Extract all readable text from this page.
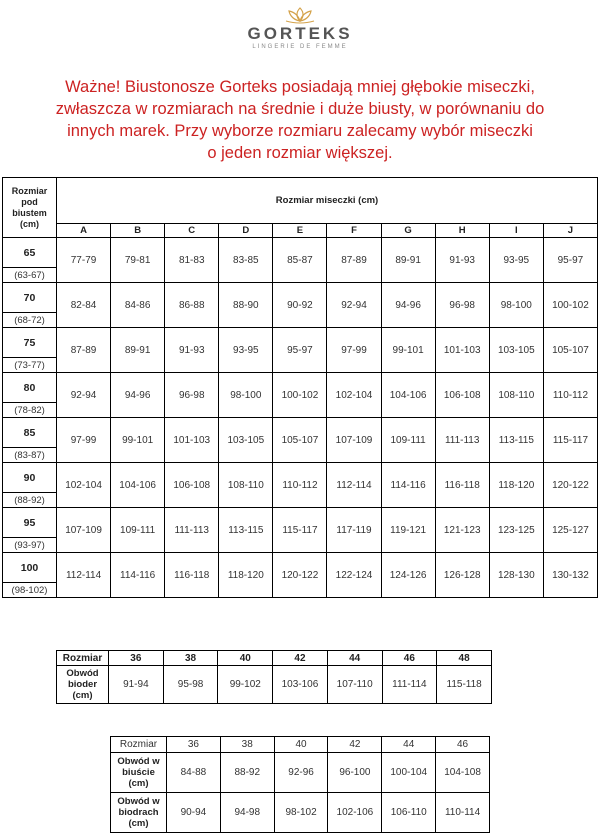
GORTEKS
LINGERIE DE FEMME
Ważne! Biustonosze Gorteks posiadają mniej głębokie miseczki,
zwłaszcza w rozmiarach na średnie i duże biusty, w porównaniu do
innych marek. Przy wyborze rozmiaru zalecamy wybór miseczki
o jeden rozmiar większej.
Rozmiar
pod
biustem
(cm)	Rozmiar miseczki (cm)									
	A	B	C	D	E	F	G	H	I	J
65	77-79	79-81	81-83	83-85	85-87	87-89	89-91	91-93	93-95	95-97
(63-67)										
70	82-84	84-86	86-88	88-90	90-92	92-94	94-96	96-98	98-100	100-102
(68-72)										
75	87-89	89-91	91-93	93-95	95-97	97-99	99-101	101-103	103-105	105-107
(73-77)										
80	92-94	94-96	96-98	98-100	100-102	102-104	104-106	106-108	108-110	110-112
(78-82)										
85	97-99	99-101	101-103	103-105	105-107	107-109	109-111	111-113	113-115	115-117
(83-87)										
90	102-104	104-106	106-108	108-110	110-112	112-114	114-116	116-118	118-120	120-122
(88-92)										
95	107-109	109-111	111-113	113-115	115-117	117-119	119-121	121-123	123-125	125-127
(93-97)										
100	112-114	114-116	116-118	118-120	120-122	122-124	124-126	126-128	128-130	130-132
(98-102)										
Rozmiar	36	38	40	42	44	46	48

Obwód
bioder
(cm)	91-94	95-98	99-102	103-106	107-110	111-114	115-118
Rozmiar	36	38	40	42	44	46

Obwód w
biuście
(cm)	84-88	88-92	92-96	96-100	100-104	104-108

Obwód w
biodrach
(cm)	90-94	94-98	98-102	102-106	106-110	110-114
